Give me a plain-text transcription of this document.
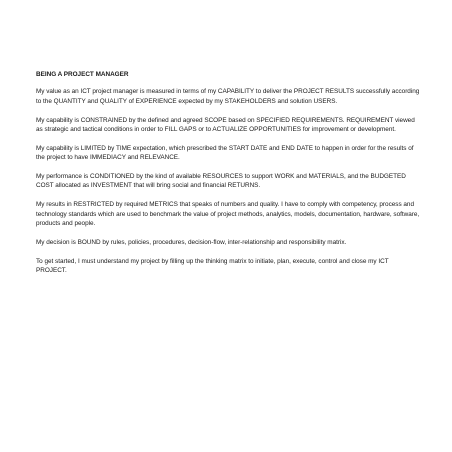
BEING A PROJECT MANAGER

My value as an ICT project manager is measured in terms of my CAPABILITY to deliver the PROJECT RESULTS successfully according to the QUANTITY and QUALITY of EXPERIENCE expected by my STAKEHOLDERS and solution USERS.

My capability is CONSTRAINED by the defined and agreed SCOPE based on SPECIFIED REQUIREMENTS. REQUIREMENT viewed as strategic and tactical conditions in order to FILL GAPS or to ACTUALIZE OPPORTUNITIES for improvement or development.

My capability is LIMITED by TIME expectation, which prescribed the START DATE and END DATE to happen in order for the results of the project to have IMMEDIACY and RELEVANCE.

My performance is CONDITIONED by the kind of available RESOURCES to support WORK and MATERIALS, and the BUDGETED COST allocated as INVESTMENT that will bring social and financial RETURNS.

My results in RESTRICTED by required METRICS that speaks of numbers and quality. I have to comply with competency, process and technology standards which are used to benchmark the value of project methods, analytics, models, documentation, hardware, software, products and people.

My decision is BOUND by rules, policies, procedures, decision-flow, inter-relationship and responsibility matrix.

To get started, I must understand my project by filling up the thinking matrix to initiate, plan, execute, control and close my ICT PROJECT.
